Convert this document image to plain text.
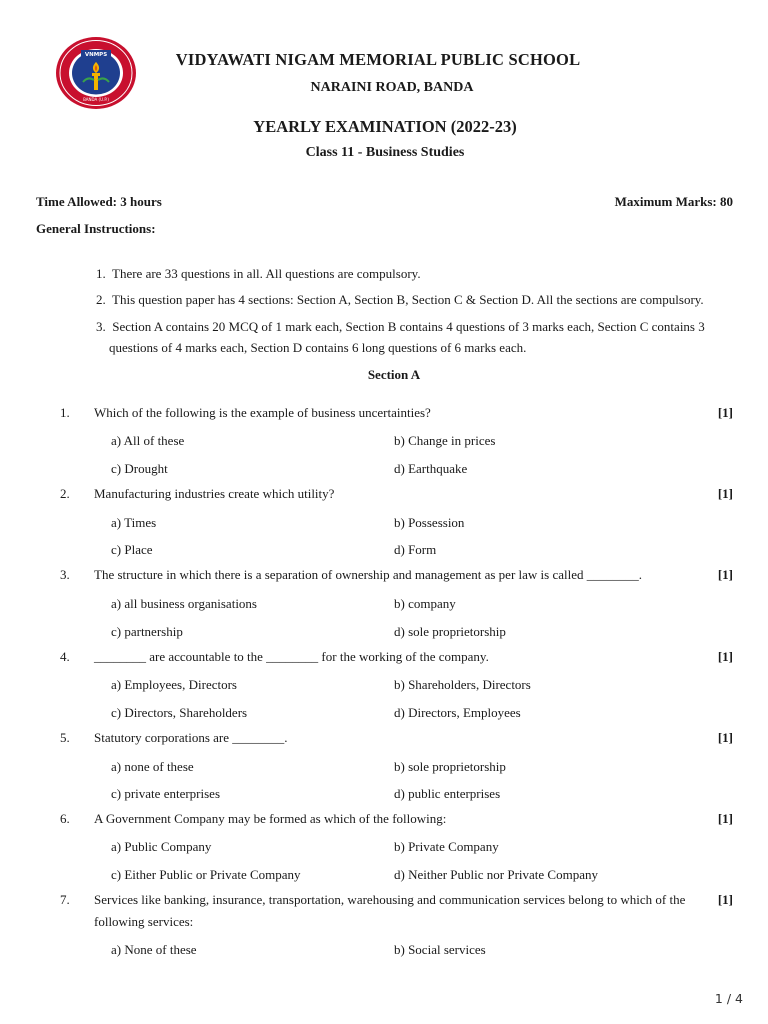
VNMPS
BANDA (U.P.)
VIDYAWATI NIGAM MEMORIAL PUBLIC SCHOOL
NARAINI ROAD, BANDA
YEARLY EXAMINATION (2022-23)
Class 11 - Business Studies
Time Allowed: 3 hours	Maximum Marks: 80
General Instructions:
1. There are 33 questions in all. All questions are compulsory.
2. This question paper has 4 sections: Section A, Section B, Section C & Section D. All the sections are compulsory.
3. Section A contains 20 MCQ of 1 mark each, Section B contains 4 questions of 3 marks each, Section C contains 3
questions of 4 marks each, Section D contains 6 long questions of 6 marks each.
Section A
1. Which of the following is the example of business uncertainties?	[1]
a) All of these	b) Change in prices
c) Drought	d) Earthquake
2. Manufacturing industries create which utility?	[1]
a) Times	b) Possession
c) Place	d) Form
3. The structure in which there is a separation of ownership and management as per law is called ________.	[1]
a) all business organisations	b) company
c) partnership	d) sole proprietorship
4. ________ are accountable to the ________ for the working of the company.	[1]
a) Employees, Directors	b) Shareholders, Directors
c) Directors, Shareholders	d) Directors, Employees
5. Statutory corporations are ________.	[1]
a) none of these	b) sole proprietorship
c) private enterprises	d) public enterprises
6. A Government Company may be formed as which of the following:	[1]
a) Public Company	b) Private Company
c) Either Public or Private Company	d) Neither Public nor Private Company
7. Services like banking, insurance, transportation, warehousing and communication services belong to which of the following services:
[1]
a) None of these	b) Social services
1 / 4
